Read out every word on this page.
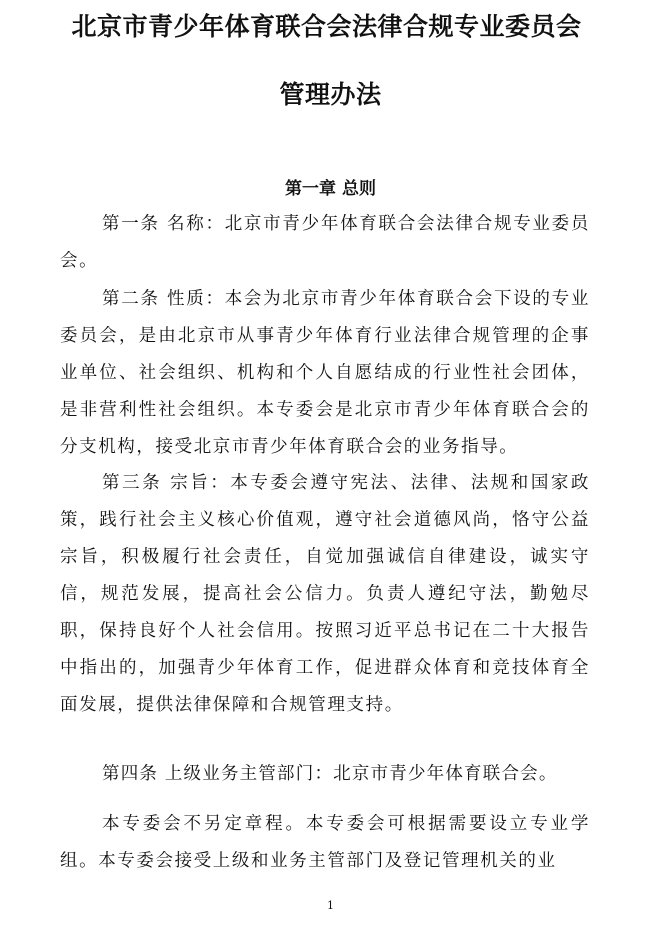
北京市青少年体育联合会法律合规专业委员会
管理办法
第一章 总则

第一条 名称：北京市青少年体育联合会法律合规专业委员会。

第二条 性质：本会为北京市青少年体育联合会下设的专业委员会，是由北京市从事青少年体育行业法律合规管理的企事业单位、社会组织、机构和个人自愿结成的行业性社会团体，是非营利性社会组织。本专委会是北京市青少年体育联合会的分支机构，接受北京市青少年体育联合会的业务指导。

第三条 宗旨：本专委会遵守宪法、法律、法规和国家政策，践行社会主义核心价值观，遵守社会道德风尚，恪守公益宗旨，积极履行社会责任，自觉加强诚信自律建设，诚实守信，规范发展，提高社会公信力。负责人遵纪守法，勤勉尽职，保持良好个人社会信用。按照习近平总书记在二十大报告中指出的，加强青少年体育工作，促进群众体育和竞技体育全面发展，提供法律保障和合规管理支持。

第四条 上级业务主管部门：北京市青少年体育联合会。

本专委会不另定章程。本专委会可根据需要设立专业学组。本专委会接受上级和业务主管部门及登记管理机关的业

1
